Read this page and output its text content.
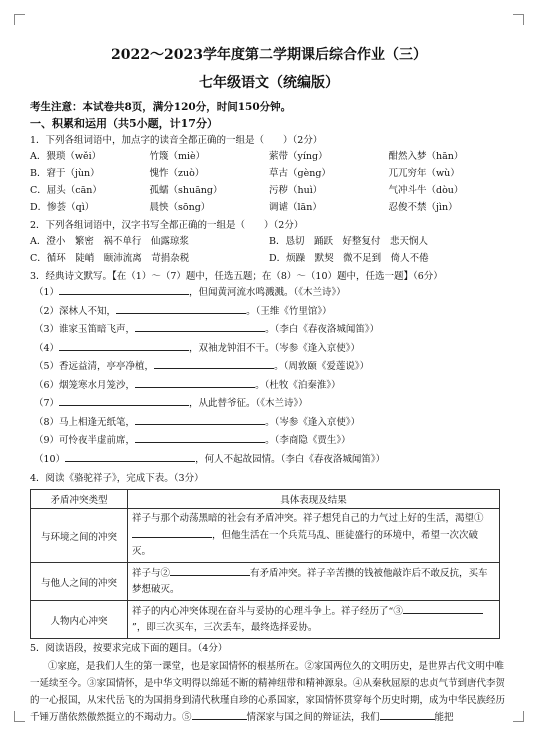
2022～2023学年度第二学期课后综合作业（三）
七年级语文（统编版）
考生注意：本试卷共8页，满分120分，时间150分钟。
一、积累和运用（共5小题，计17分）
1．下列各组词语中，加点字的读音全都正确的一组是（　　）（2分）
A．猥琐（wěi）	竹篾（miè）	萦带（yíng）	酣然入梦（hān）
B．窘于（jùn）	愧怍（zuò）	草古（gèng）	兀兀穷年（wù）
C．屈头（cān）	孤蠕（shuāng）	污秽（huì）	气冲斗牛（dòu）
D．惨荟（qì）	晨怏（sōng）	调谑（lān）	忍俊不禁（jìn）
2．下列各组词语中，汉字书写全都正确的一组是（　　）（2分）
A．澄小　繁密　祸不单行　仙露琼浆	B．恳切　踊跃　好整复付　悲天悯人
C．循环　陡峭　颐沛流离　苛捐杂税	D．烦躁　默契　微不足到　倚人不倦
3．经典诗文默写。【在（1）～（7）题中，任选五题；在（8）～（10）题中，任选一题】（6分）
（1）	，但闻黄河流水鸣溅溅。（《木兰诗》）
（2）深林人不知，	。（王维《竹里馆》）
（3）谁家玉笛暗飞声，	。（李白《春夜洛城闻笛》）
（4）	，双袖龙钟泪不干。（岑参《逢入京使》）
（5）香远益清，亭亭净植，	。（周敦颐《爱莲说》）
（6）烟笼寒水月笼沙，	。（杜牧《泊秦淮》）
（7）	，从此替爷征。（《木兰诗》）
（8）马上相逢无纸笔，	。（岑参《逢入京使》）
（9）可怜夜半虚前席，	。（李商隐《贾生》）
（10）	，何人不起故园情。（李白《春夜洛城闻笛》）
4．阅读《骆驼祥子》，完成下表。（3分）
矛盾冲突类型	具体表现及结果
与环境之间的冲突	祥子与那个动荡黑暗的社会有矛盾冲突。祥子想凭自己的力气过上好的生活，渴望①，但他生活在一个兵荒马乱、匪徒盛行的环境中，希望一次次破灭。
与他人之间的冲突	祥子与② 有矛盾冲突。祥子辛苦攒的钱被他敲诈后不敢反抗，买车梦想破灭。
人物内心冲突	祥子的内心冲突体现在奋斗与妥协的心理斗争上。祥子经历了“③”，即三次买车，三次丢车，最终选择妥协。
5．阅读语段，按要求完成下面的题目。（4分）
①家庭，是我们人生的第一课堂，也是家国情怀的根基所在。②家国两位久的文明历史，是世界古代文明中唯一延续至今。③家国情怀，是中华文明得以绵延不断的精神纽带和精神源泉。④从秦秋屈原的忠贞气节到唐代李贺的一心报国，从宋代岳飞的为国捐身到清代秋瑾自珍的心系国家，家国情怀贯穿每个历史时期，成为中华民族经历千锤万凿依然傲然挺立的不竭动力。⑤	情深家与国之间的辩证法，我们	能把
